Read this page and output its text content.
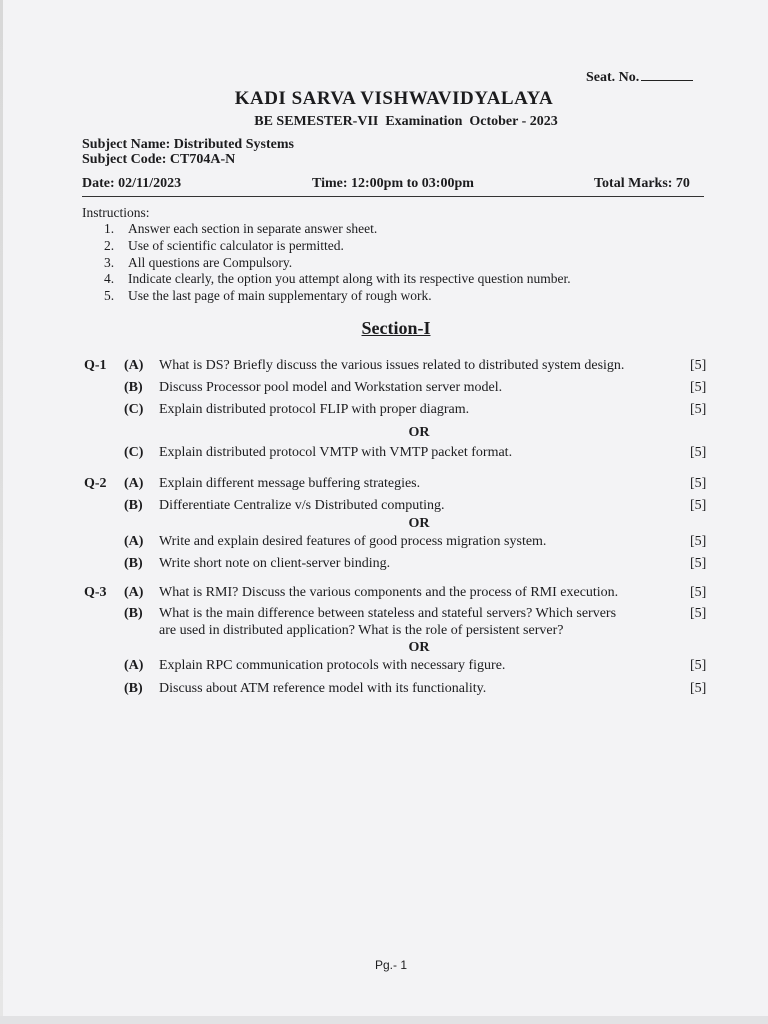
Seat. No.
KADI SARVA VISHWAVIDYALAYA
BE SEMESTER-VII  Examination  October - 2023
Subject Name: Distributed Systems
Subject Code: CT704A-N
Date: 02/11/2023	Time: 12:00pm to 03:00pm	Total Marks: 70
Instructions:
1. Answer each section in separate answer sheet.
2. Use of scientific calculator is permitted.
3. All questions are Compulsory.
4. Indicate clearly, the option you attempt along with its respective question number.
5. Use the last page of main supplementary of rough work.
Section-I
Q-1 (A) What is DS? Briefly discuss the various issues related to distributed system design.	[5]
(B) Discuss Processor pool model and Workstation server model.	[5]
(C) Explain distributed protocol FLIP with proper diagram.	[5]
OR
(C) Explain distributed protocol VMTP with VMTP packet format.	[5]
Q-2 (A) Explain different message buffering strategies.	[5]
(B) Differentiate Centralize v/s Distributed computing.	[5]
OR
(A) Write and explain desired features of good process migration system.	[5]
(B) Write short note on client-server binding.	[5]
Q-3 (A) What is RMI? Discuss the various components and the process of RMI execution.	[5]
(B) What is the main difference between stateless and stateful servers? Which servers
are used in distributed application? What is the role of persistent server?
[5]
OR
(A) Explain RPC communication protocols with necessary figure.	[5]
(B) Discuss about ATM reference model with its functionality.	[5]
Pg.- 1
